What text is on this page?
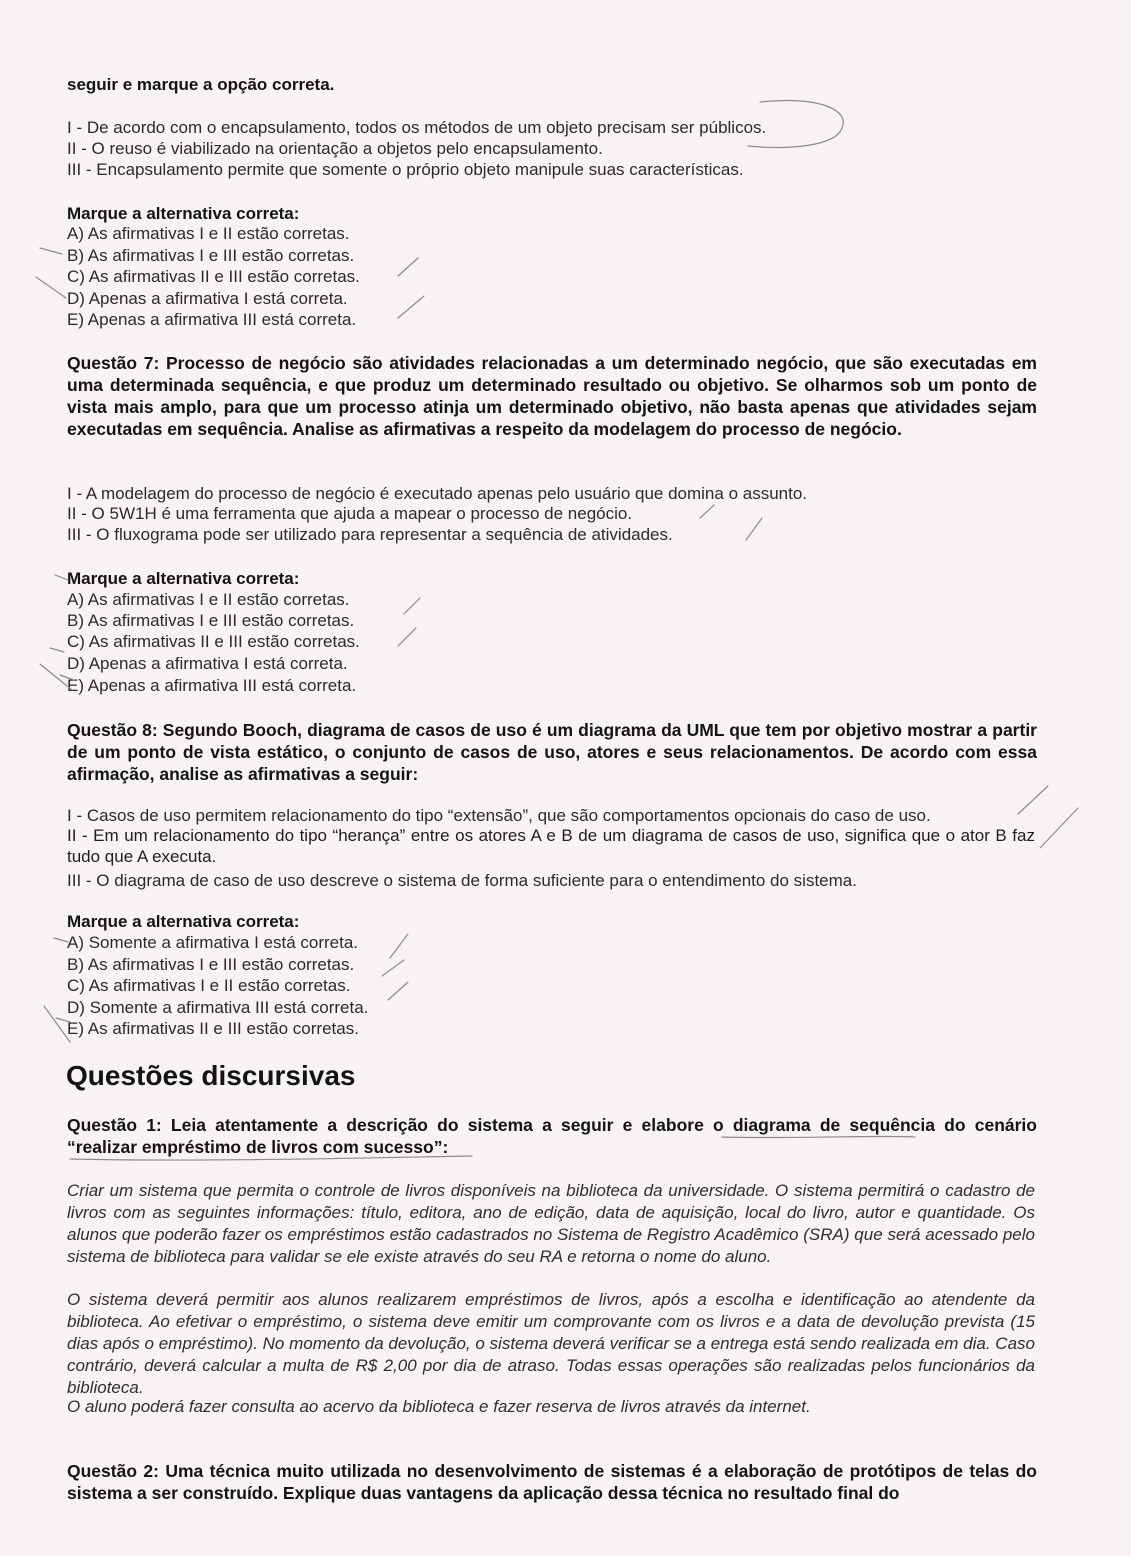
seguir e marque a opção correta.
I - De acordo com o encapsulamento, todos os métodos de um objeto precisam ser públicos.
II - O reuso é viabilizado na orientação a objetos pelo encapsulamento.
III - Encapsulamento permite que somente o próprio objeto manipule suas características.
Marque a alternativa correta:
A) As afirmativas I e II estão corretas.
B) As afirmativas I e III estão corretas.
C) As afirmativas II e III estão corretas.
D) Apenas a afirmativa I está correta.
E) Apenas a afirmativa III está correta.
Questão 7: Processo de negócio são atividades relacionadas a um determinado negócio, que são executadas em uma determinada sequência, e que produz um determinado resultado ou objetivo. Se olharmos sob um ponto de vista mais amplo, para que um processo atinja um determinado objetivo, não basta apenas que atividades sejam executadas em sequência. Analise as afirmativas a respeito da modelagem do processo de negócio.
I - A modelagem do processo de negócio é executado apenas pelo usuário que domina o assunto.
II - O 5W1H é uma ferramenta que ajuda a mapear o processo de negócio.
III - O fluxograma pode ser utilizado para representar a sequência de atividades.
Marque a alternativa correta:
A) As afirmativas I e II estão corretas.
B) As afirmativas I e III estão corretas.
C) As afirmativas II e III estão corretas.
D) Apenas a afirmativa I está correta.
E) Apenas a afirmativa III está correta.
Questão 8: Segundo Booch, diagrama de casos de uso é um diagrama da UML que tem por objetivo mostrar a partir de um ponto de vista estático, o conjunto de casos de uso, atores e seus relacionamentos. De acordo com essa afirmação, analise as afirmativas a seguir:
I - Casos de uso permitem relacionamento do tipo “extensão”, que são comportamentos opcionais do caso de uso.
II - Em um relacionamento do tipo “herança” entre os atores A e B de um diagrama de casos de uso, significa que o ator B faz tudo que A executa.
III - O diagrama de caso de uso descreve o sistema de forma suficiente para o entendimento do sistema.
Marque a alternativa correta:
A) Somente a afirmativa I está correta.
B) As afirmativas I e III estão corretas.
C) As afirmativas I e II estão corretas.
D) Somente a afirmativa III está correta.
E) As afirmativas II e III estão corretas.
Questões discursivas
Questão 1: Leia atentamente a descrição do sistema a seguir e elabore o diagrama de sequência do cenário “realizar empréstimo de livros com sucesso”:
Criar um sistema que permita o controle de livros disponíveis na biblioteca da universidade. O sistema permitirá o cadastro de livros com as seguintes informações: título, editora, ano de edição, data de aquisição, local do livro, autor e quantidade. Os alunos que poderão fazer os empréstimos estão cadastrados no Sistema de Registro Acadêmico (SRA) que será acessado pelo sistema de biblioteca para validar se ele existe através do seu RA e retorna o nome do aluno.
O sistema deverá permitir aos alunos realizarem empréstimos de livros, após a escolha e identificação ao atendente da biblioteca. Ao efetivar o empréstimo, o sistema deve emitir um comprovante com os livros e a data de devolução prevista (15 dias após o empréstimo). No momento da devolução, o sistema deverá verificar se a entrega está sendo realizada em dia. Caso contrário, deverá calcular a multa de R$ 2,00 por dia de atraso. Todas essas operações são realizadas pelos funcionários da biblioteca.
O aluno poderá fazer consulta ao acervo da biblioteca e fazer reserva de livros através da internet.
Questão 2: Uma técnica muito utilizada no desenvolvimento de sistemas é a elaboração de protótipos de telas do sistema a ser construído. Explique duas vantagens da aplicação dessa técnica no resultado final do
